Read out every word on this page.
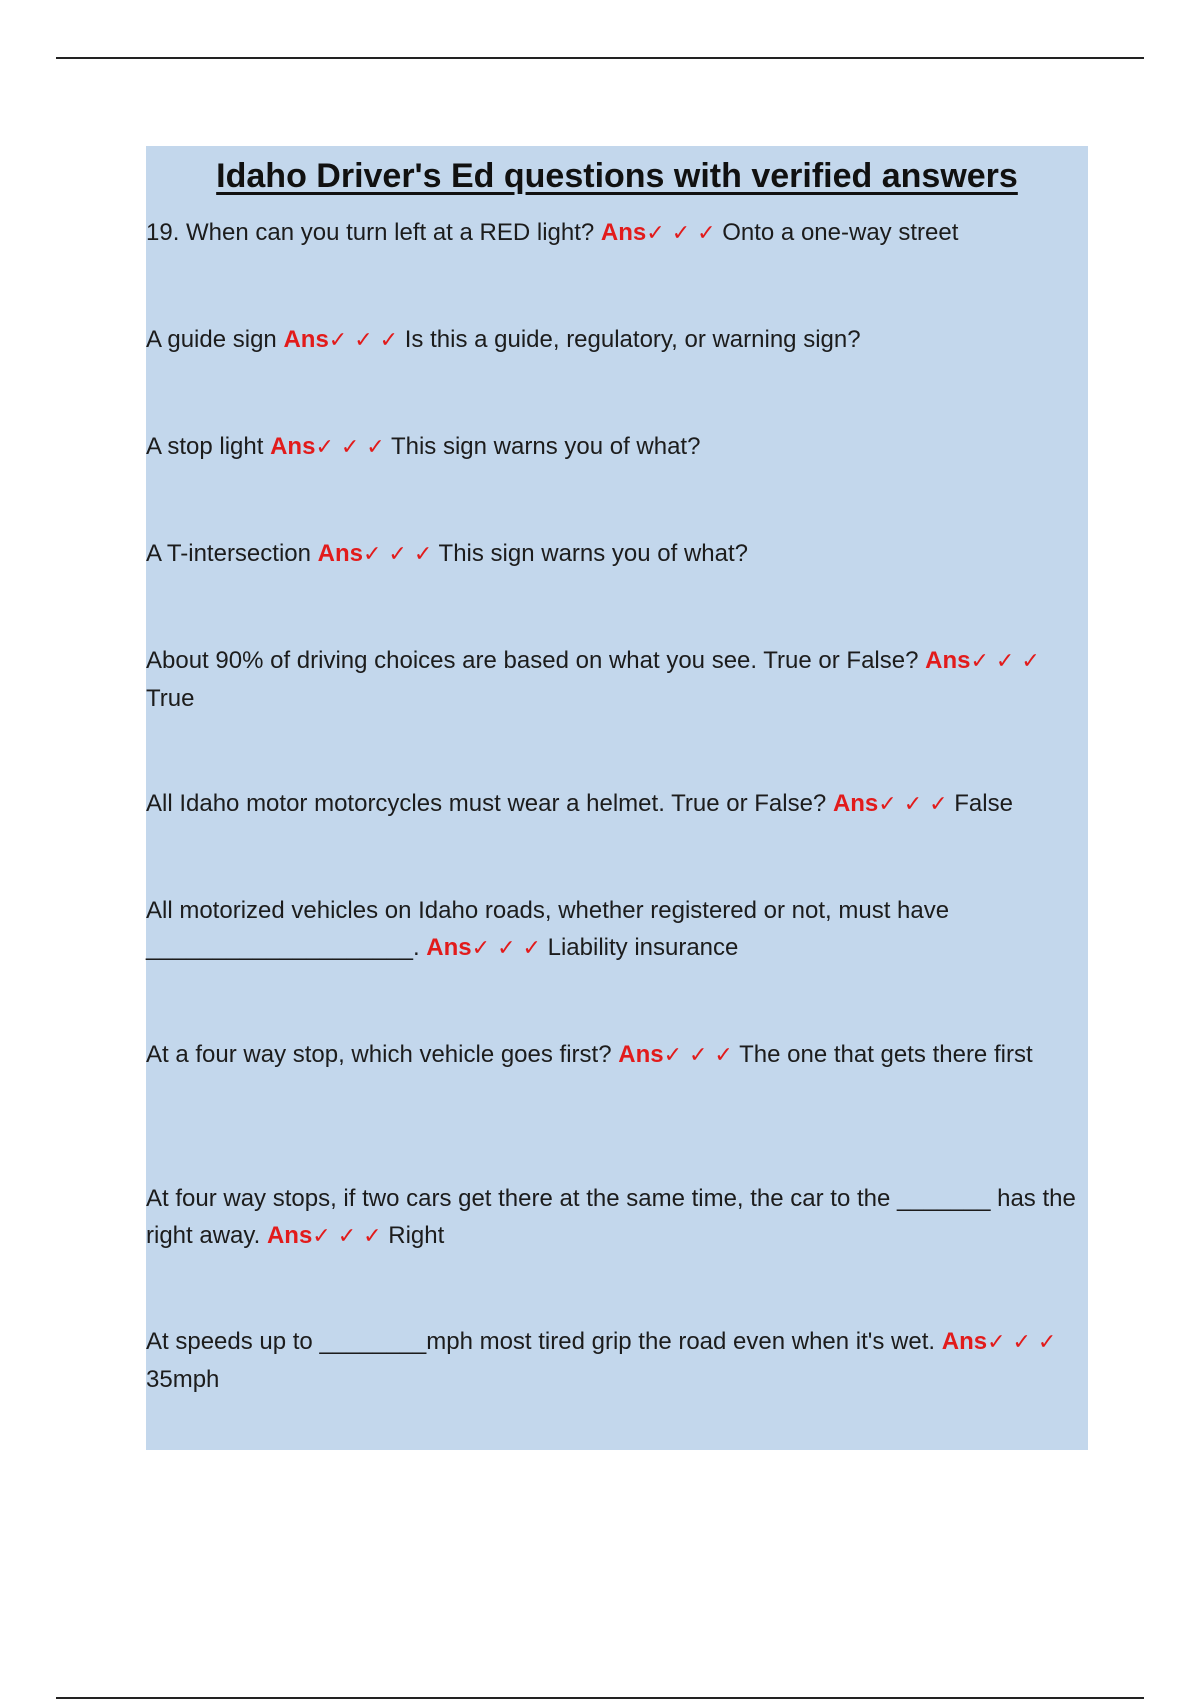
Idaho Driver's Ed questions with verified answers

19. When can you turn left at a RED light? Ans✓ ✓ ✓ Onto a one-way street

A guide sign Ans✓ ✓ ✓ Is this a guide, regulatory, or warning sign?

A stop light Ans✓ ✓ ✓ This sign warns you of what?

A T-intersection Ans✓ ✓ ✓ This sign warns you of what?

About 90% of driving choices are based on what you see. True or False? Ans✓ ✓ ✓ True

All Idaho motor motorcycles must wear a helmet. True or False? Ans✓ ✓ ✓ False

All motorized vehicles on Idaho roads, whether registered or not, must have ____________________. Ans✓ ✓ ✓ Liability insurance

At a four way stop, which vehicle goes first? Ans✓ ✓ ✓ The one that gets there first

At four way stops, if two cars get there at the same time, the car to the _______ has the right away. Ans✓ ✓ ✓ Right

At speeds up to ________mph most tired grip the road even when it's wet. Ans✓ ✓ ✓ 35mph
